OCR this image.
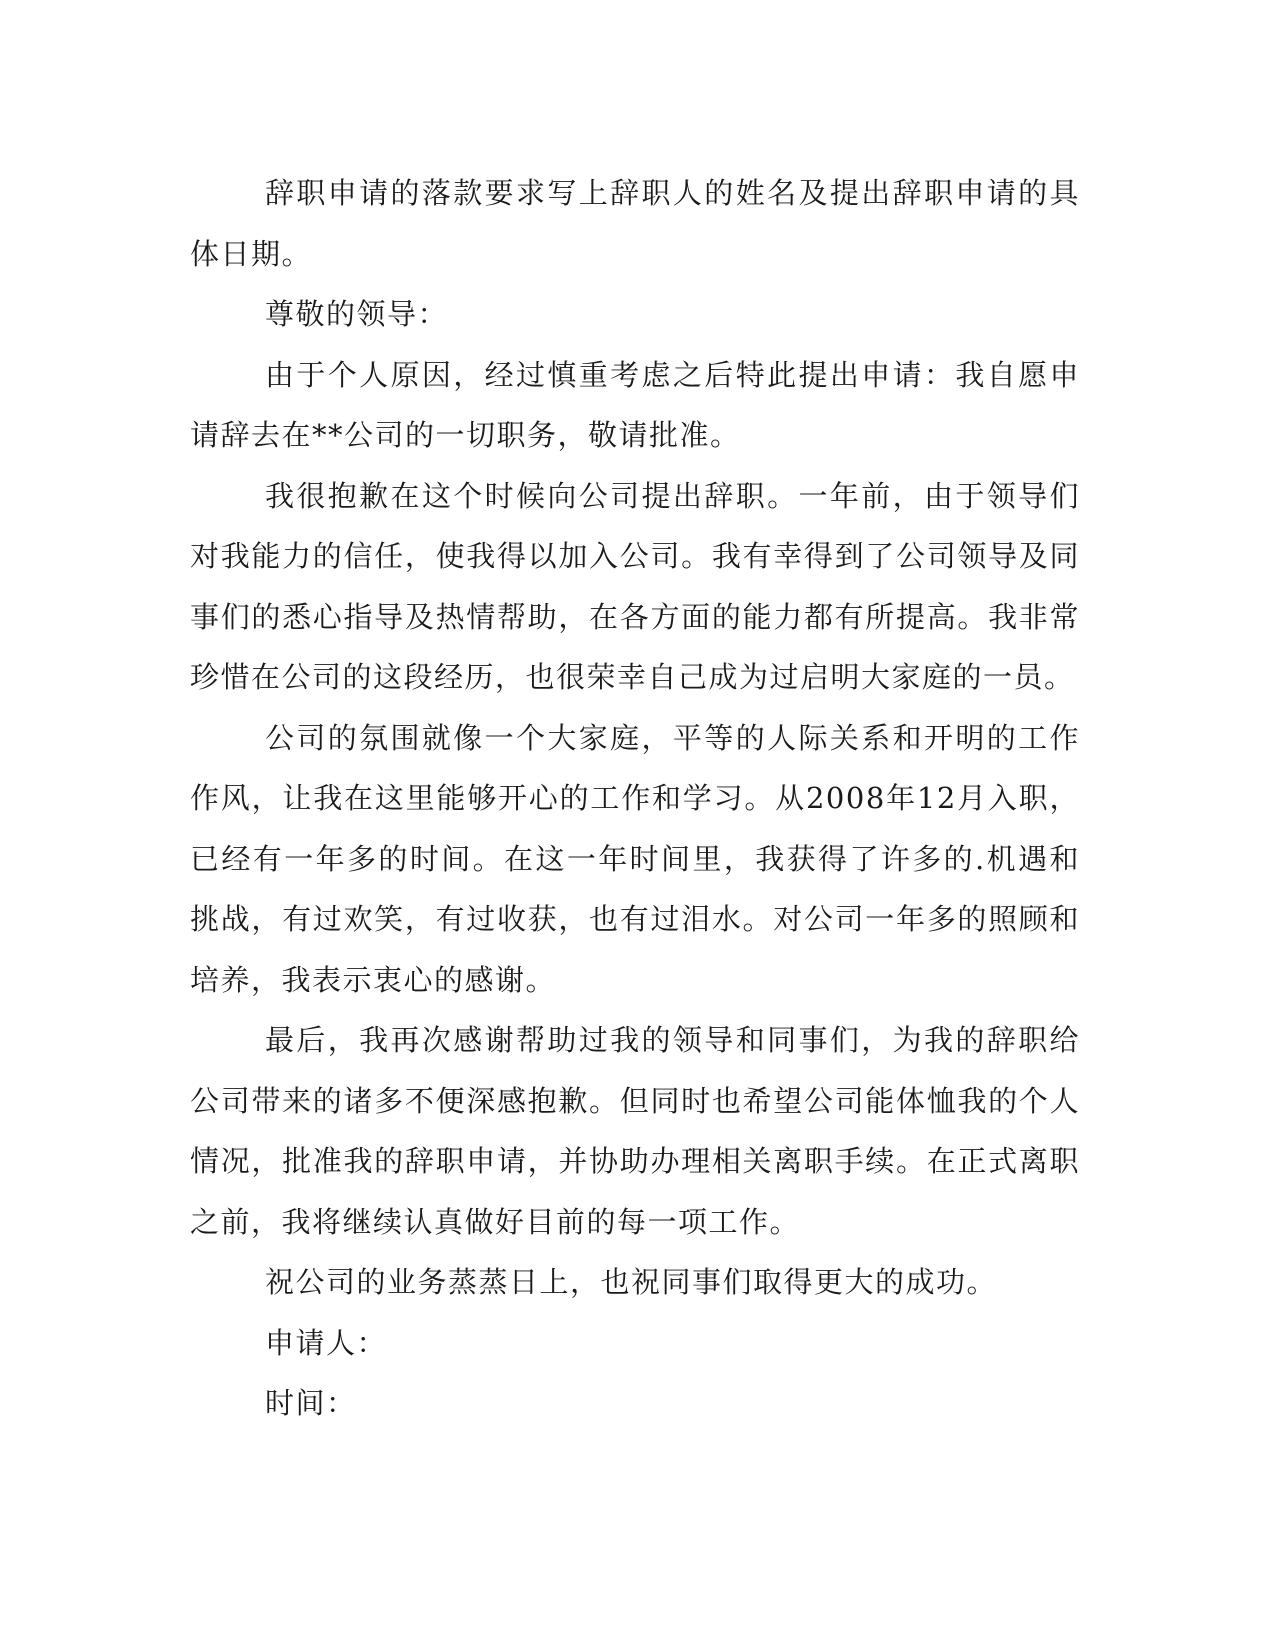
辞职申请的落款要求写上辞职人的姓名及提出辞职申请的具体日期。

尊敬的领导：

由于个人原因，经过慎重考虑之后特此提出申请：我自愿申请辞去在**公司的一切职务，敬请批准。

我很抱歉在这个时候向公司提出辞职。一年前，由于领导们对我能力的信任，使我得以加入公司。我有幸得到了公司领导及同事们的悉心指导及热情帮助，在各方面的能力都有所提高。我非常珍惜在公司的这段经历，也很荣幸自己成为过启明大家庭的一员。

公司的氛围就像一个大家庭，平等的人际关系和开明的工作作风，让我在这里能够开心的工作和学习。从2008年12月入职，已经有一年多的时间。在这一年时间里，我获得了许多的.机遇和挑战，有过欢笑，有过收获，也有过泪水。对公司一年多的照顾和培养，我表示衷心的感谢。

最后，我再次感谢帮助过我的领导和同事们，为我的辞职给公司带来的诸多不便深感抱歉。但同时也希望公司能体恤我的个人情况，批准我的辞职申请，并协助办理相关离职手续。在正式离职之前，我将继续认真做好目前的每一项工作。

祝公司的业务蒸蒸日上，也祝同事们取得更大的成功。

申请人：

时间：
